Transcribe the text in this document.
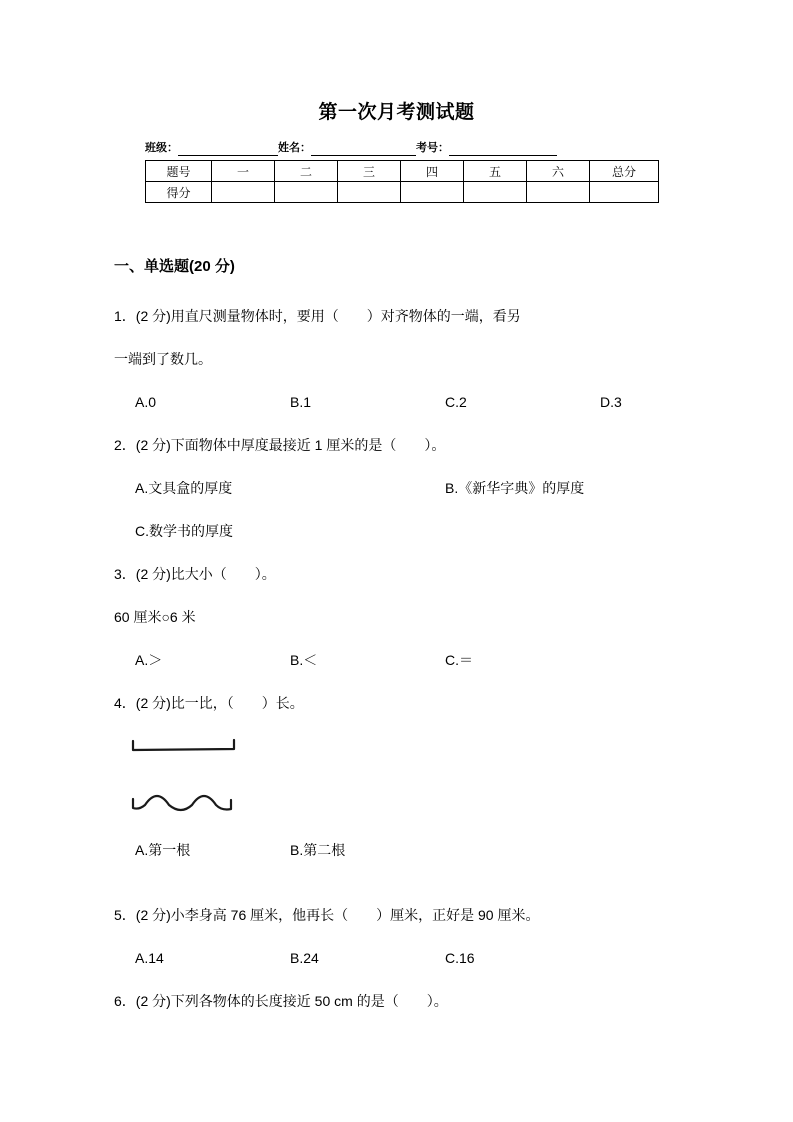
第一次月考测试题
班级：	姓名：	考号：
题号	一	二	三	四	五	六	总分
得分							
一、单选题(20 分)
1．(2 分)用直尺测量物体时，要用（　　）对齐物体的一端，看另
一端到了数几。
A.0	B.1	C.2	D.3
2．(2 分)下面物体中厚度最接近 1 厘米的是（　　）。
A.文具盒的厚度	B.《新华字典》的厚度
C.数学书的厚度
3．(2 分)比大小（　　）。
60 厘米○6 米
A.＞	B.＜	C.＝
4．(2 分)比一比，（　　）长。
A.第一根	B.第二根
5．(2 分)小李身高 76 厘米，他再长（　　）厘米，正好是 90 厘米。
A.14	B.24	C.16
6．(2 分)下列各物体的长度接近 50 cm 的是（　　）。
